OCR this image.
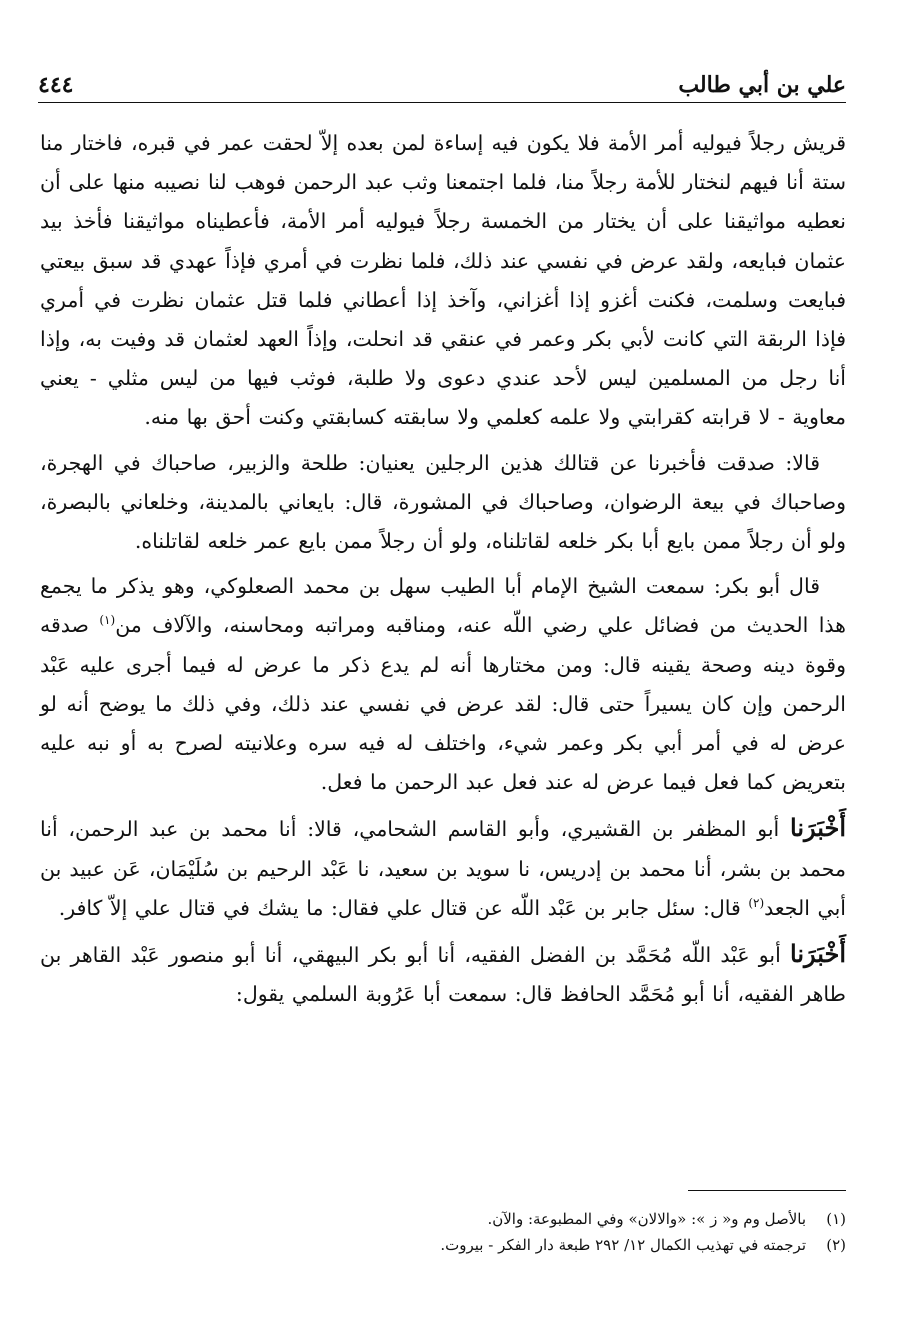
علي بن أبي طالب
٤٤٤

قريش رجلاً فيوليه أمر الأمة فلا يكون فيه إساءة لمن بعده إلاّ لحقت عمر في قبره، فاختار منا ستة أنا فيهم لنختار للأمة رجلاً منا، فلما اجتمعنا وثب عبد الرحمن فوهب لنا نصيبه منها على أن نعطيه مواثيقنا على أن يختار من الخمسة رجلاً فيوليه أمر الأمة، فأعطيناه مواثيقنا فأخذ بيد عثمان فبايعه، ولقد عرض في نفسي عند ذلك، فلما نظرت في أمري فإذاً عهدي قد سبق بيعتي فبايعت وسلمت، فكنت أغزو إذا أغزاني، وآخذ إذا أعطاني فلما قتل عثمان نظرت في أمري فإذا الربقة التي كانت لأبي بكر وعمر في عنقي قد انحلت، وإذاً العهد لعثمان قد وفيت به، وإذا أنا رجل من المسلمين ليس لأحد عندي دعوى ولا طلبة، فوثب فيها من ليس مثلي - يعني معاوية - لا قرابته كقرابتي ولا علمه كعلمي ولا سابقته كسابقتي وكنت أحق بها منه.

قالا: صدقت فأخبرنا عن قتالك هذين الرجلين يعنيان: طلحة والزبير، صاحباك في الهجرة، وصاحباك في بيعة الرضوان، وصاحباك في المشورة، قال: بايعاني بالمدينة، وخلعاني بالبصرة، ولو أن رجلاً ممن بايع أبا بكر خلعه لقاتلناه، ولو أن رجلاً ممن بايع عمر خلعه لقاتلناه.

قال أبو بكر: سمعت الشيخ الإمام أبا الطيب سهل بن محمد الصعلوكي، وهو يذكر ما يجمع هذا الحديث من فضائل علي رضي اللّه عنه، ومناقبه ومراتبه ومحاسنه، والآلاف من$^{(١)}$ صدقه وقوة دينه وصحة يقينه قال: ومن مختارها أنه لم يدع ذكر ما عرض له فيما أجرى عليه عَبْد الرحمن وإن كان يسيراً حتى قال: لقد عرض في نفسي عند ذلك، وفي ذلك ما يوضح أنه لو عرض له في أمر أبي بكر وعمر شيء، واختلف له فيه سره وعلانيته لصرح به أو نبه عليه بتعريض كما فعل فيما عرض له عند فعل عبد الرحمن ما فعل.

أَخْبَرَنا أبو المظفر بن القشيري، وأبو القاسم الشحامي، قالا: أنا محمد بن عبد الرحمن، أنا محمد بن بشر، أنا محمد بن إدريس، نا سويد بن سعيد، نا عَبْد الرحيم بن سُلَيْمَان، عَن عبيد بن أبي الجعد$^{(٢)}$ قال: سئل جابر بن عَبْد اللّه عن قتال علي فقال: ما يشك في قتال علي إلاّ كافر.

أَخْبَرَنا أبو عَبْد اللّه مُحَمَّد بن الفضل الفقيه، أنا أبو بكر البيهقي، أنا أبو منصور عَبْد القاهر بن طاهر الفقيه، أنا أبو مُحَمَّد الحافظ قال: سمعت أبا عَرُوبة السلمي يقول:

(١)
بالأصل وم و« ز »: «والالان» وفي المطبوعة: والآن.
(٢)
ترجمته في تهذيب الكمال ١٢/ ٢٩٢ طبعة دار الفكر - بيروت.
